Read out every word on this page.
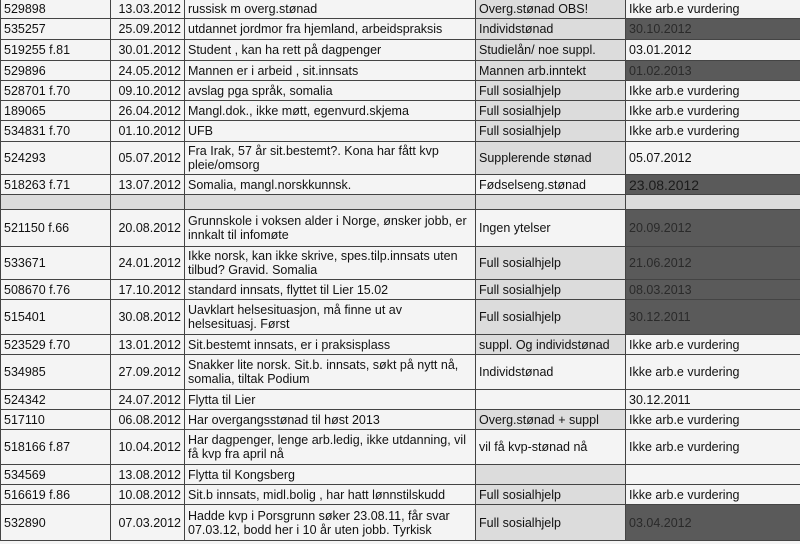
529898	13.03.2012	russisk m overg.stønad	Overg.stønad OBS!	Ikke arb.e vurdering
535257	25.09.2012	utdannet jordmor fra hjemland, arbeidspraksis	Individstønad	30.10.2012
519255 f.81	30.01.2012	Student , kan ha rett på dagpenger	Studielån/ noe suppl.	03.01.2012
529896	24.05.2012	Mannen er i arbeid , sit.innsats	Mannen arb.inntekt	01.02.2013
528701 f.70	09.10.2012	avslag pga språk, somalia	Full sosialhjelp	Ikke arb.e vurdering
189065	26.04.2012	Mangl.dok., ikke møtt, egenvurd.skjema	Full sosialhjelp	Ikke arb.e vurdering
534831 f.70	01.10.2012	UFB	Full sosialhjelp	Ikke arb.e vurdering
524293	05.07.2012	Fra Irak, 57 år sit.bestemt?. Kona har fått kvp pleie/omsorg	Supplerende stønad	05.07.2012
518263 f.71	13.07.2012	Somalia, mangl.norskkunnsk.	Fødselseng.stønad	23.08.2012

521150 f.66	20.08.2012	Grunnskole i voksen alder i Norge, ønsker jobb, er innkalt til infomøte	Ingen ytelser	20.09.2012
533671	24.01.2012	Ikke norsk, kan ikke skrive, spes.tilp.innsats uten tilbud? Gravid. Somalia	Full sosialhjelp	21.06.2012
508670 f.76	17.10.2012	standard innsats, flyttet til Lier 15.02	Full sosialhjelp	08.03.2013
515401	30.08.2012	Uavklart helsesituasjon, må finne ut av helsesituasj. Først	Full sosialhjelp	30.12.2011
523529 f.70	13.01.2012	Sit.bestemt innsats, er i praksisplass	suppl. Og individstønad	Ikke arb.e vurdering
534985	27.09.2012	Snakker lite norsk. Sit.b. innsats, søkt på nytt nå, somalia, tiltak Podium	Individstønad	Ikke arb.e vurdering
524342	24.07.2012	Flytta til Lier		30.12.2011
517110	06.08.2012	Har overgangsstønad til høst 2013	Overg.stønad + suppl	Ikke arb.e vurdering
518166 f.87	10.04.2012	Har dagpenger, lenge arb.ledig, ikke utdanning, vil få kvp fra april nå	vil få kvp-stønad nå	Ikke arb.e vurdering
534569	13.08.2012	Flytta til Kongsberg		
516619 f.86	10.08.2012	Sit.b innsats, midl.bolig , har hatt lønnstilskudd	Full sosialhjelp	Ikke arb.e vurdering
532890	07.03.2012	Hadde kvp i Porsgrunn søker 23.08.11, får svar 07.03.12, bodd her i 10 år uten jobb. Tyrkisk	Full sosialhjelp	03.04.2012
